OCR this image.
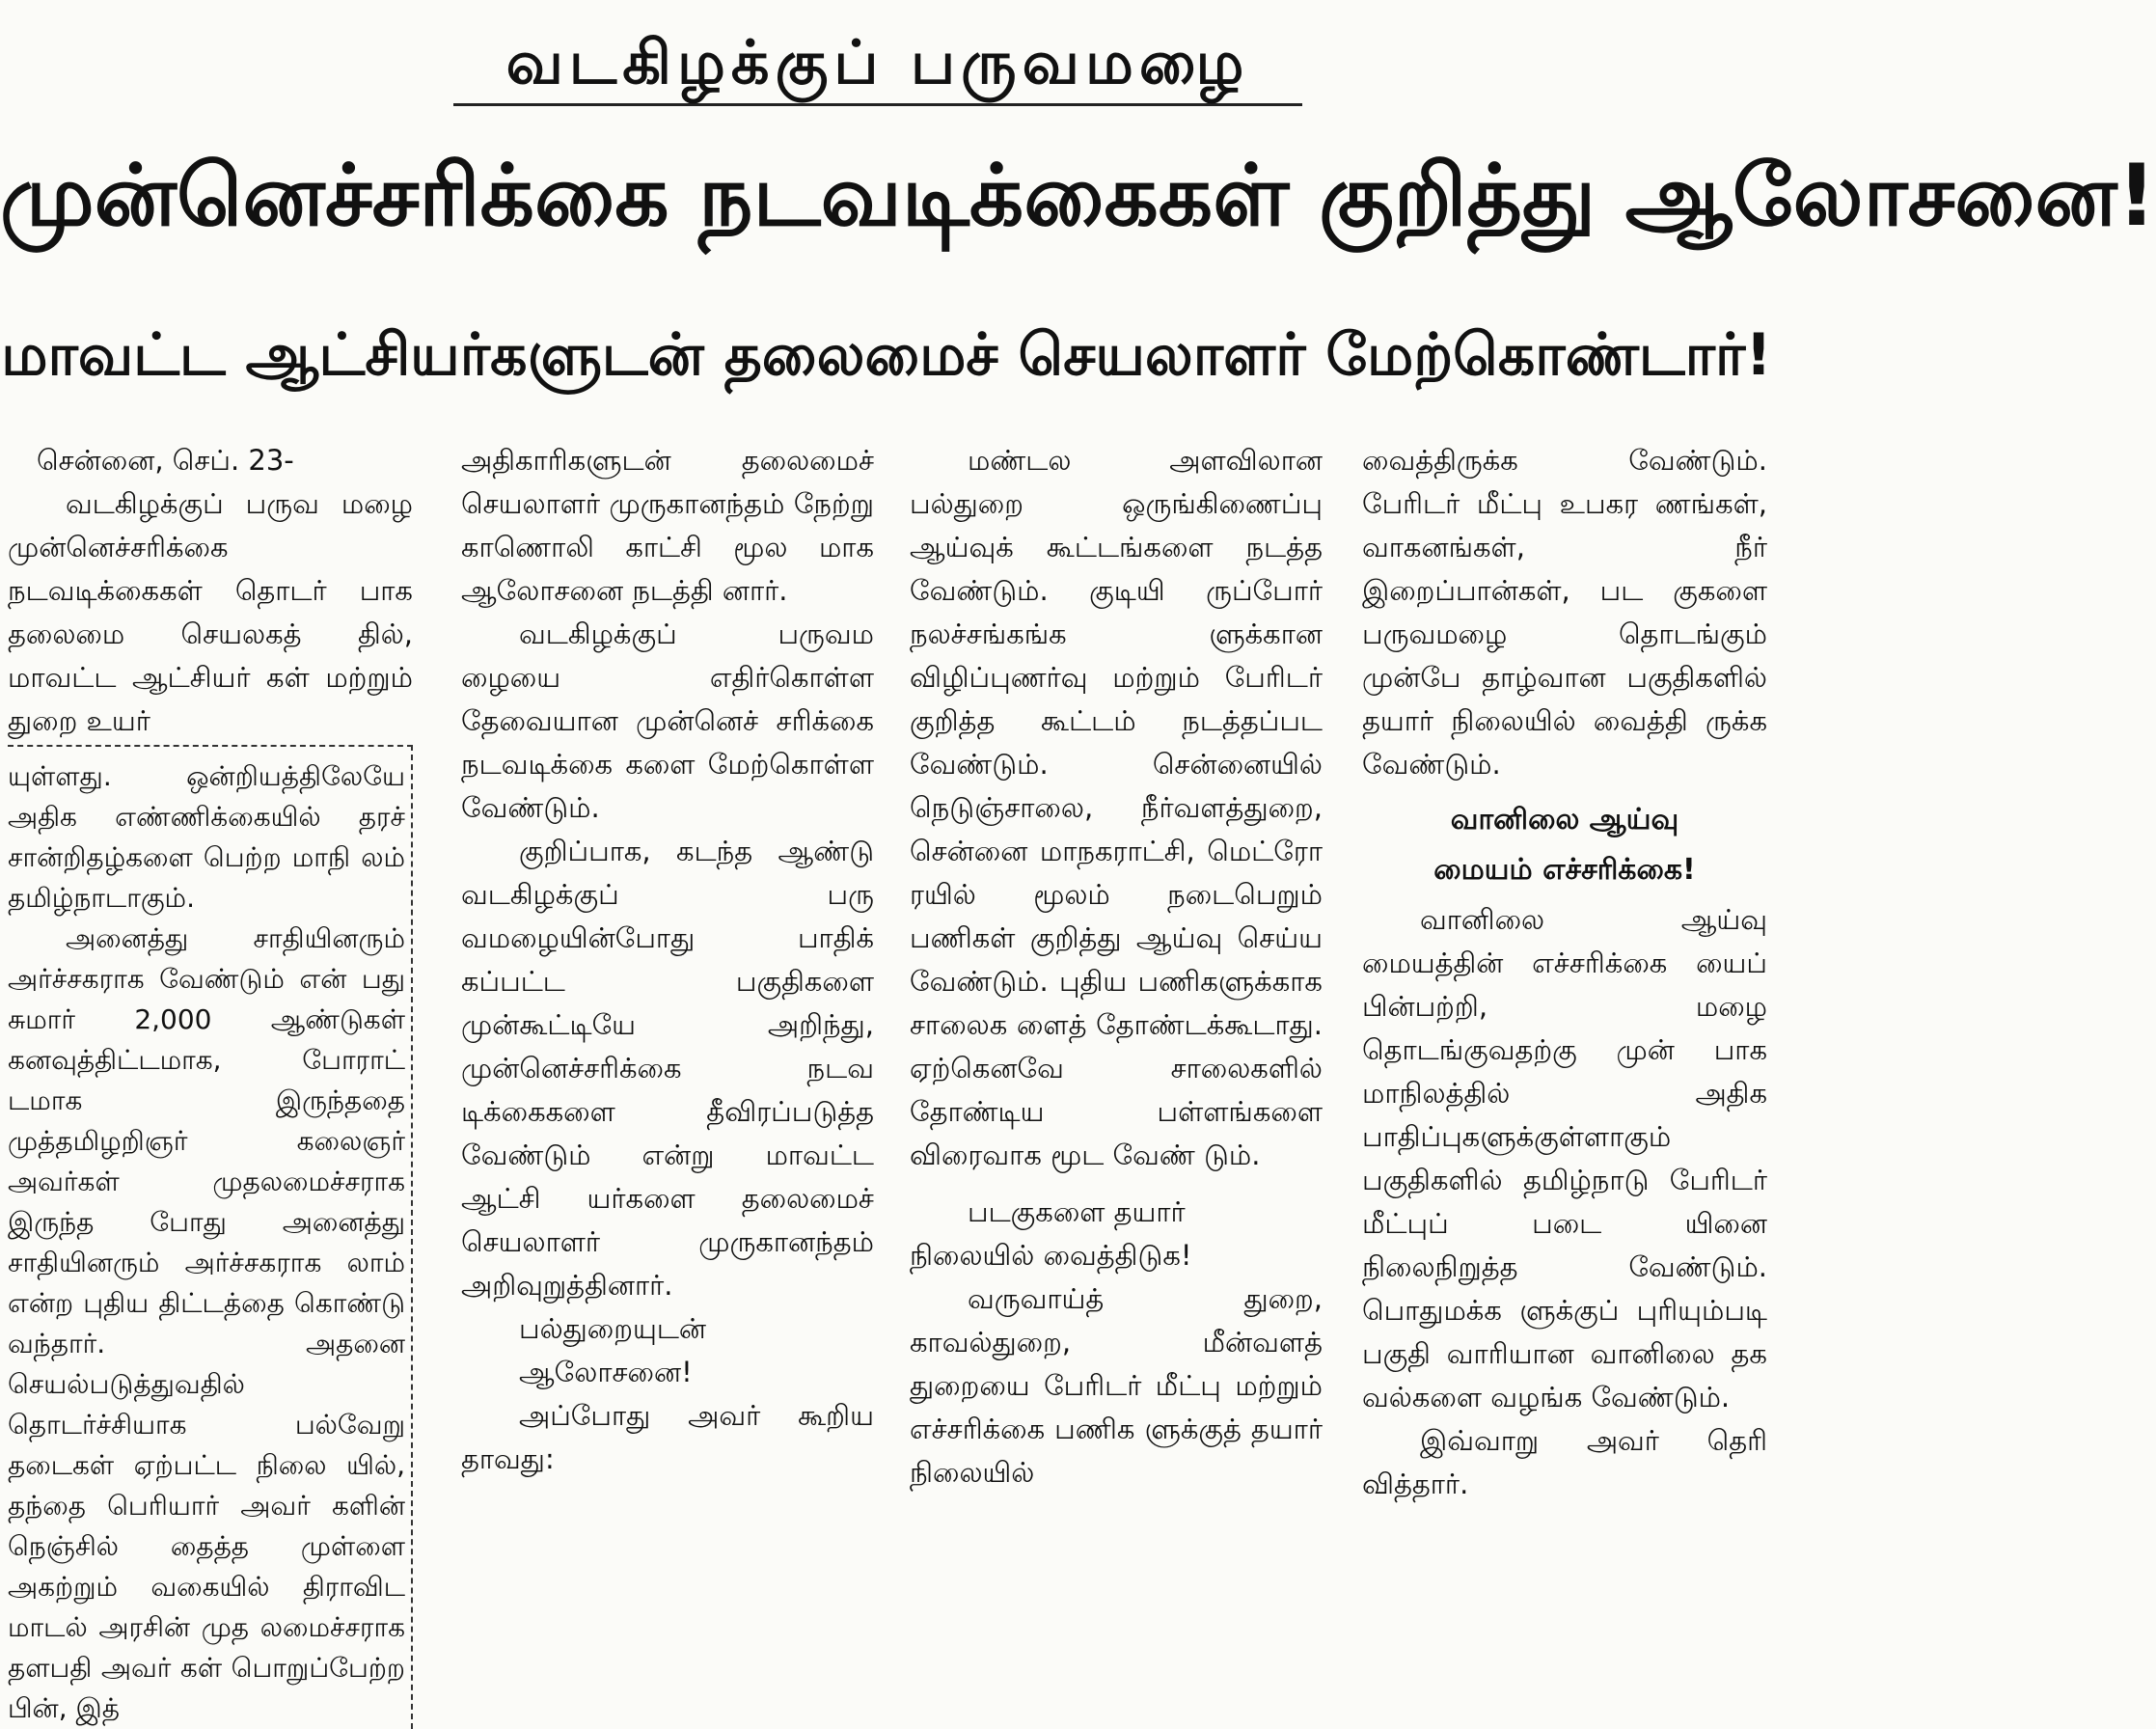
வடகிழக்குப் பருவமழை
முன்னெச்சரிக்கை நடவடிக்கைகள் குறித்து ஆலோசனை!
மாவட்ட ஆட்சியர்களுடன் தலைமைச் செயலாளர் மேற்கொண்டார்!

சென்னை, செப். 23-

வடகிழக்குப் பருவ மழை முன்னெச்சரிக்கை நடவடிக்கைகள் தொடர் பாக தலைமை செயலகத் தில், மாவட்ட ஆட்சியர் கள் மற்றும் துறை உயர்

யுள்ளது. ஒன்றியத்திலேயே அதிக எண்ணிக்கையில் தரச் சான்றிதழ்களை பெற்ற மாநி லம் தமிழ்நாடாகும்.

அனைத்து சாதியினரும் அர்ச்சகராக வேண்டும் என் பது சுமார் 2,000 ஆண்டுகள் கனவுத்திட்டமாக, போராட் டமாக இருந்ததை முத்தமிழறிஞர் கலைஞர் அவர்கள் முதலமைச்சராக இருந்த போது அனைத்து சாதியினரும் அர்ச்சகராக லாம் என்ற புதிய திட்டத்தை கொண்டு வந்தார். அதனை செயல்படுத்துவதில் தொடர்ச்சியாக பல்வேறு தடைகள் ஏற்பட்ட நிலை யில், தந்தை பெரியார் அவர் களின் நெஞ்சில் தைத்த முள்ளை அகற்றும் வகையில் திராவிட மாடல் அரசின் முத லமைச்சராக தளபதி அவர் கள் பொறுப்பேற்ற பின், இத்

அதிகாரிகளுடன் தலைமைச் செயலாளர் முருகானந்தம் நேற்று காணொலி காட்சி மூல மாக ஆலோசனை நடத்தி னார்.

வடகிழக்குப் பருவம ழையை எதிர்கொள்ள தேவையான முன்னெச் சரிக்கை நடவடிக்கை களை மேற்கொள்ள வேண்டும்.

குறிப்பாக, கடந்த ஆண்டு வடகிழக்குப் பரு வமழையின்போது பாதிக் கப்பட்ட பகுதிகளை முன்கூட்டியே அறிந்து, முன்னெச்சரிக்கை நடவ டிக்கைகளை தீவிரப்படுத்த வேண்டும் என்று மாவட்ட ஆட்சி யர்களை தலைமைச் செயலாளர் முருகானந்தம் அறிவுறுத்தினார்.

பல்துறையுடன்

ஆலோசனை!

அப்போது அவர் கூறிய தாவது:

மண்டல அளவிலான பல்துறை ஒருங்கிணைப்பு ஆய்வுக் கூட்டங்களை நடத்த வேண்டும். குடியி ருப்போர் நலச்சங்கங்க ளுக்கான விழிப்புணர்வு மற்றும் பேரிடர் குறித்த கூட்டம் நடத்தப்பட வேண்டும். சென்னையில் நெடுஞ்சாலை, நீர்வளத்துறை, சென்னை மாநகராட்சி, மெட்ரோ ரயில் மூலம் நடைபெறும் பணிகள் குறித்து ஆய்வு செய்ய வேண்டும். புதிய பணிகளுக்காக சாலைக ளைத் தோண்டக்கூடாது. ஏற்கெனவே சாலைகளில் தோண்டிய பள்ளங்களை விரைவாக மூட வேண் டும்.

படகுகளை தயார்

நிலையில் வைத்திடுக!

வருவாய்த் துறை, காவல்துறை, மீன்வளத் துறையை பேரிடர் மீட்பு மற்றும் எச்சரிக்கை பணிக ளுக்குத் தயார் நிலையில்

வைத்திருக்க வேண்டும். பேரிடர் மீட்பு உபகர ணங்கள், வாகனங்கள், நீர் இறைப்பான்கள், பட குகளை பருவமழை தொடங்கும் முன்பே தாழ்வான பகுதிகளில் தயார் நிலையில் வைத்தி ருக்க வேண்டும்.

வானிலை ஆய்வு

மையம் எச்சரிக்கை!

வானிலை ஆய்வு மையத்தின் எச்சரிக்கை யைப் பின்பற்றி, மழை தொடங்குவதற்கு முன் பாக மாநிலத்தில் அதிக பாதிப்புகளுக்குள்ளாகும் பகுதிகளில் தமிழ்நாடு பேரிடர் மீட்புப் படை யினை நிலைநிறுத்த வேண்டும். பொதுமக்க ளுக்குப் புரியும்படி பகுதி வாரியான வானிலை தக வல்களை வழங்க வேண்டும்.

இவ்வாறு அவர் தெரி வித்தார்.
